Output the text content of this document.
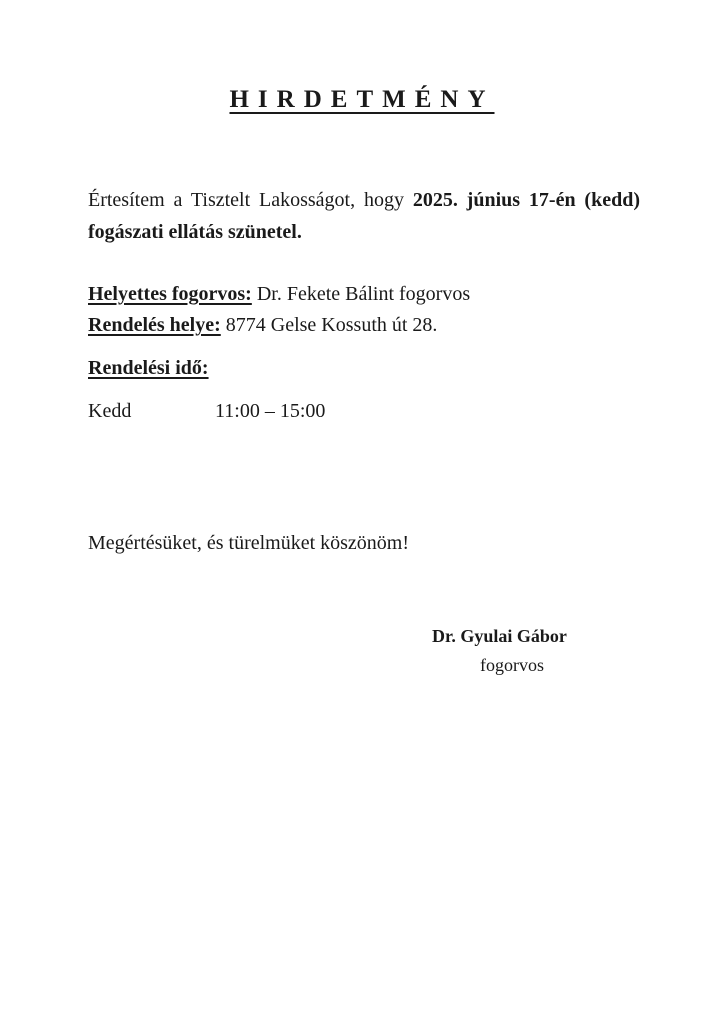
HIRDETMÉNY

Értesítem a Tisztelt Lakosságot, hogy 2025. június 17-én (kedd) fogászati ellátás szünetel.

Helyettes fogorvos: Dr. Fekete Bálint fogorvos
Rendelés helye: 8774 Gelse Kossuth út 28.
Rendelési idő:
Kedd	11:00 – 15:00
Megértésüket, és türelmüket köszönöm!
Dr. Gyulai Gábor
fogorvos
